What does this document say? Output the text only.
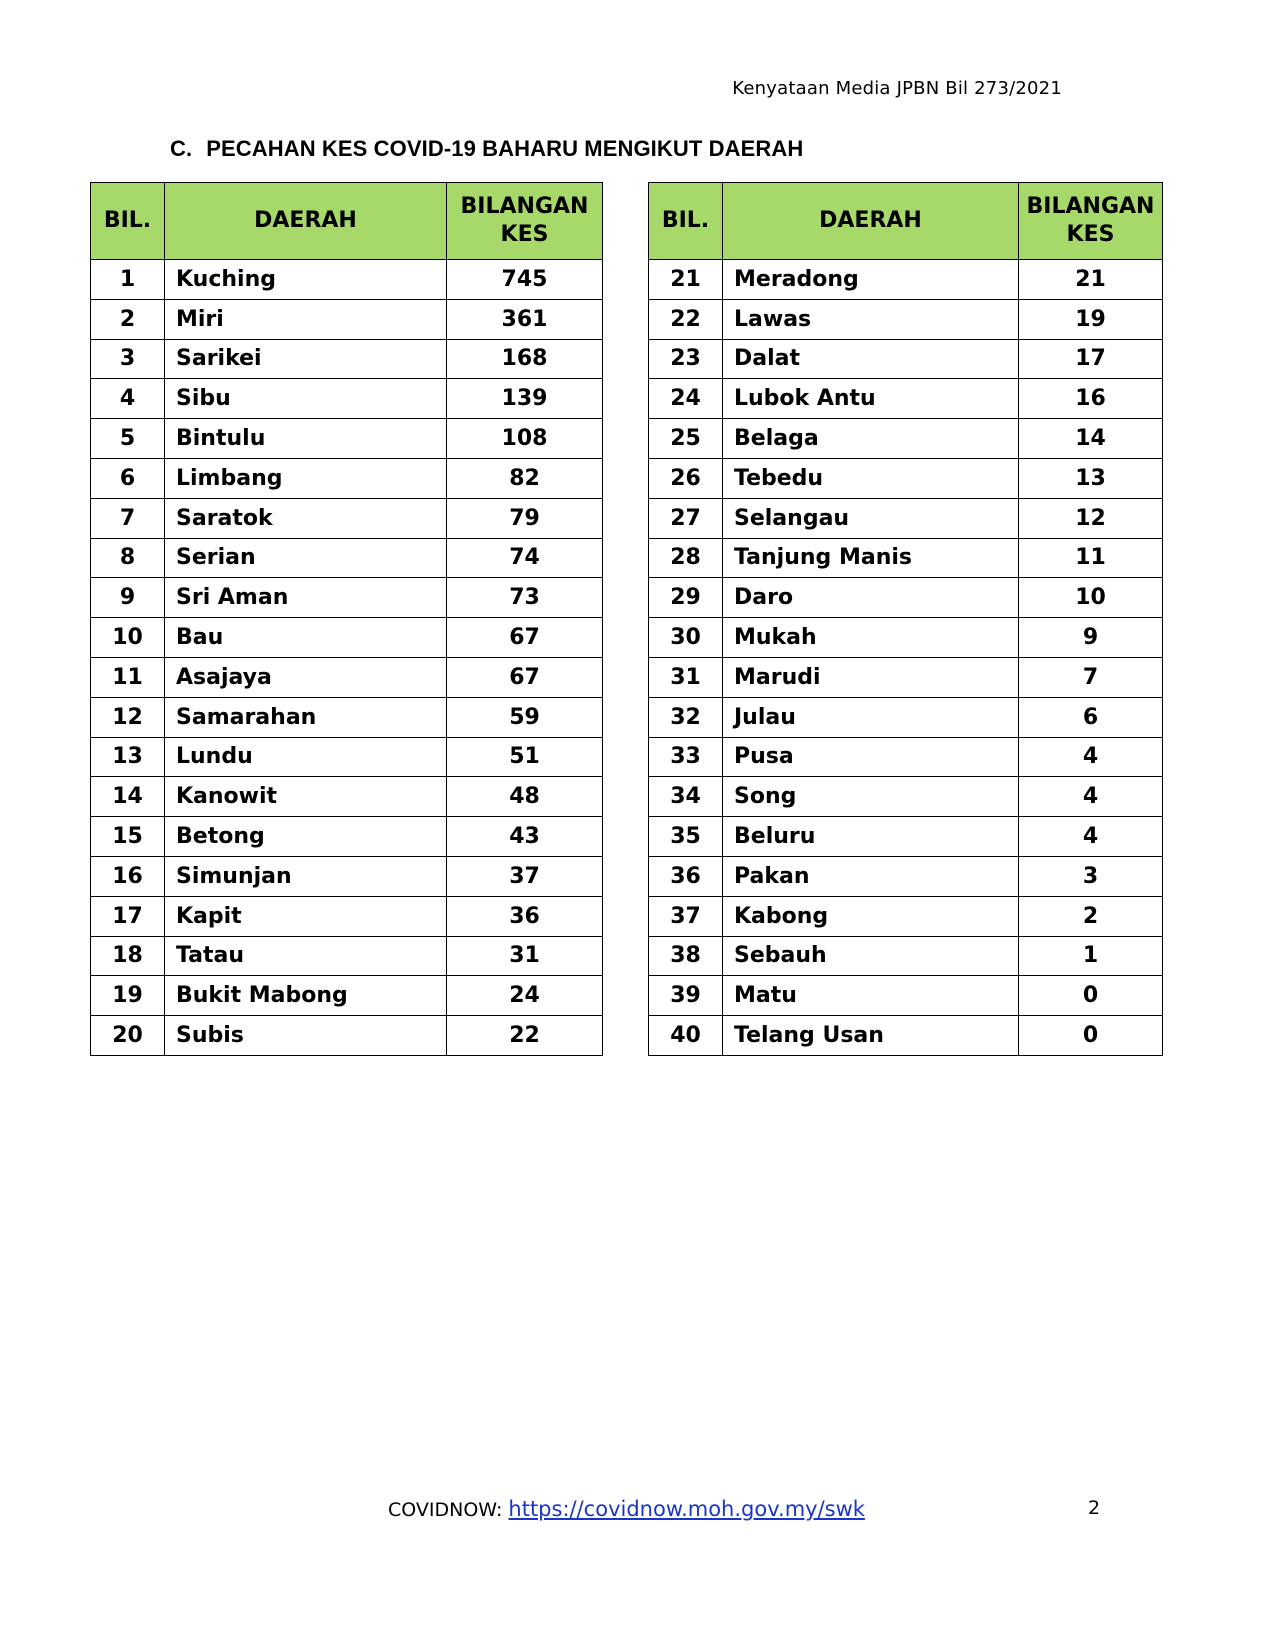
Kenyataan Media JPBN Bil 273/2021
C. PECAHAN KES COVID-19 BAHARU MENGIKUT DAERAH
BIL.	DAERAH	BILANGAN
KES
1	Kuching	745
2	Miri	361
3	Sarikei	168
4	Sibu	139
5	Bintulu	108
6	Limbang	82
7	Saratok	79
8	Serian	74
9	Sri Aman	73
10	Bau	67
11	Asajaya	67
12	Samarahan	59
13	Lundu	51
14	Kanowit	48
15	Betong	43
16	Simunjan	37
17	Kapit	36
18	Tatau	31
19	Bukit Mabong	24
20	Subis	22
BIL.	DAERAH	BILANGAN
KES
21	Meradong	21
22	Lawas	19
23	Dalat	17
24	Lubok Antu	16
25	Belaga	14
26	Tebedu	13
27	Selangau	12
28	Tanjung Manis	11
29	Daro	10
30	Mukah	9
31	Marudi	7
32	Julau	6
33	Pusa	4
34	Song	4
35	Beluru	4
36	Pakan	3
37	Kabong	2
38	Sebauh	1
39	Matu	0
40	Telang Usan	0
COVIDNOW: https://covidnow.moh.gov.my/swk	2
